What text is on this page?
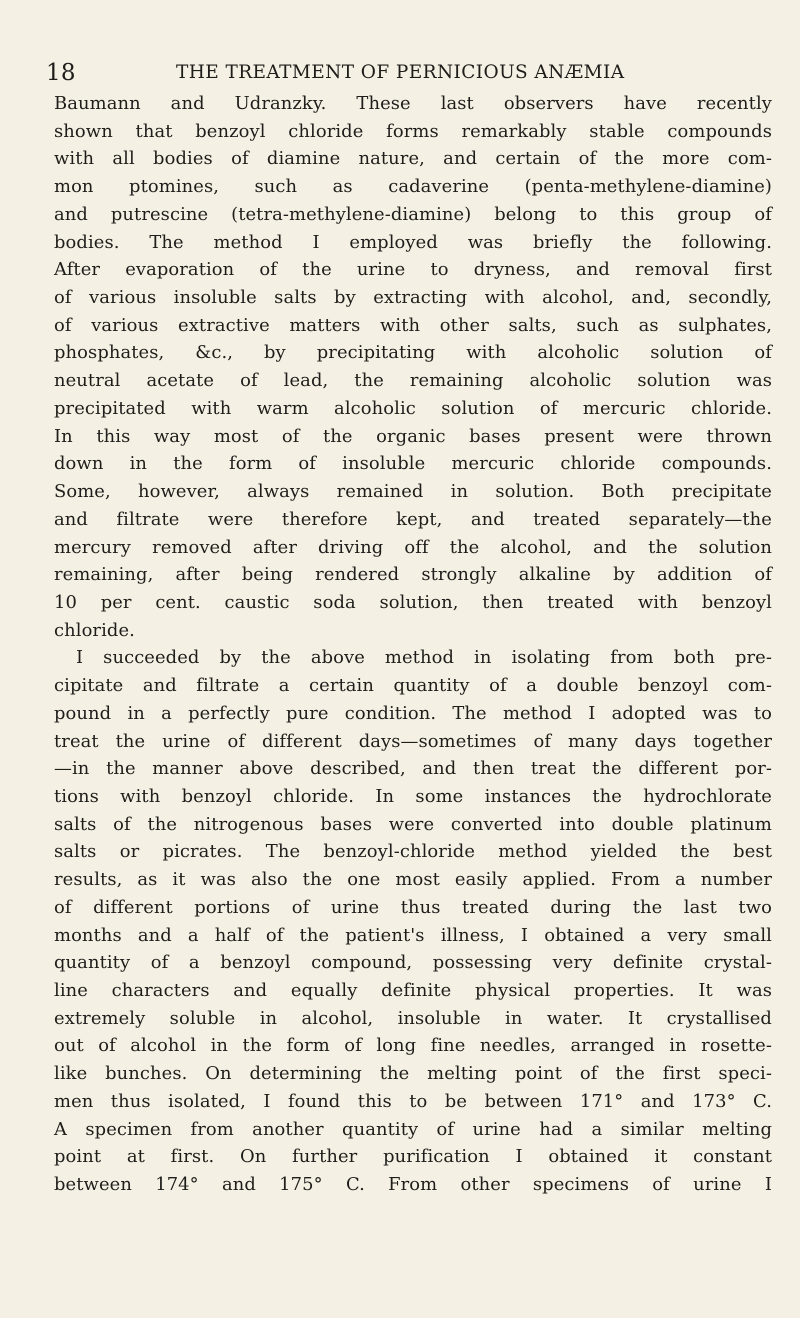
18	THE TREATMENT OF PERNICIOUS ANÆMIA
Baumann and Udranzky. These last observers have recently
shown that benzoyl chloride forms remarkably stable compounds
with all bodies of diamine nature, and certain of the more com-
mon ptomines, such as cadaverine (penta-methylene-diamine)
and putrescine (tetra-methylene-diamine) belong to this group of
bodies. The method I employed was briefly the following.
After evaporation of the urine to dryness, and removal first
of various insoluble salts by extracting with alcohol, and, secondly,
of various extractive matters with other salts, such as sulphates,
phosphates, &c., by precipitating with alcoholic solution of
neutral acetate of lead, the remaining alcoholic solution was
precipitated with warm alcoholic solution of mercuric chloride.
In this way most of the organic bases present were thrown
down in the form of insoluble mercuric chloride compounds.
Some, however, always remained in solution. Both precipitate
and filtrate were therefore kept, and treated separately—the
mercury removed after driving off the alcohol, and the solution
remaining, after being rendered strongly alkaline by addition of
10 per cent. caustic soda solution, then treated with benzoyl
chloride.
I succeeded by the above method in isolating from both pre-
cipitate and filtrate a certain quantity of a double benzoyl com-
pound in a perfectly pure condition. The method I adopted was to
treat the urine of different days—sometimes of many days together
—in the manner above described, and then treat the different por-
tions with benzoyl chloride. In some instances the hydrochlorate
salts of the nitrogenous bases were converted into double platinum
salts or picrates. The benzoyl-chloride method yielded the best
results, as it was also the one most easily applied. From a number
of different portions of urine thus treated during the last two
months and a half of the patient's illness, I obtained a very small
quantity of a benzoyl compound, possessing very definite crystal-
line characters and equally definite physical properties. It was
extremely soluble in alcohol, insoluble in water. It crystallised
out of alcohol in the form of long fine needles, arranged in rosette-
like bunches. On determining the melting point of the first speci-
men thus isolated, I found this to be between 171° and 173° C.
A specimen from another quantity of urine had a similar melting
point at first. On further purification I obtained it constant
between 174° and 175° C. From other specimens of urine I
